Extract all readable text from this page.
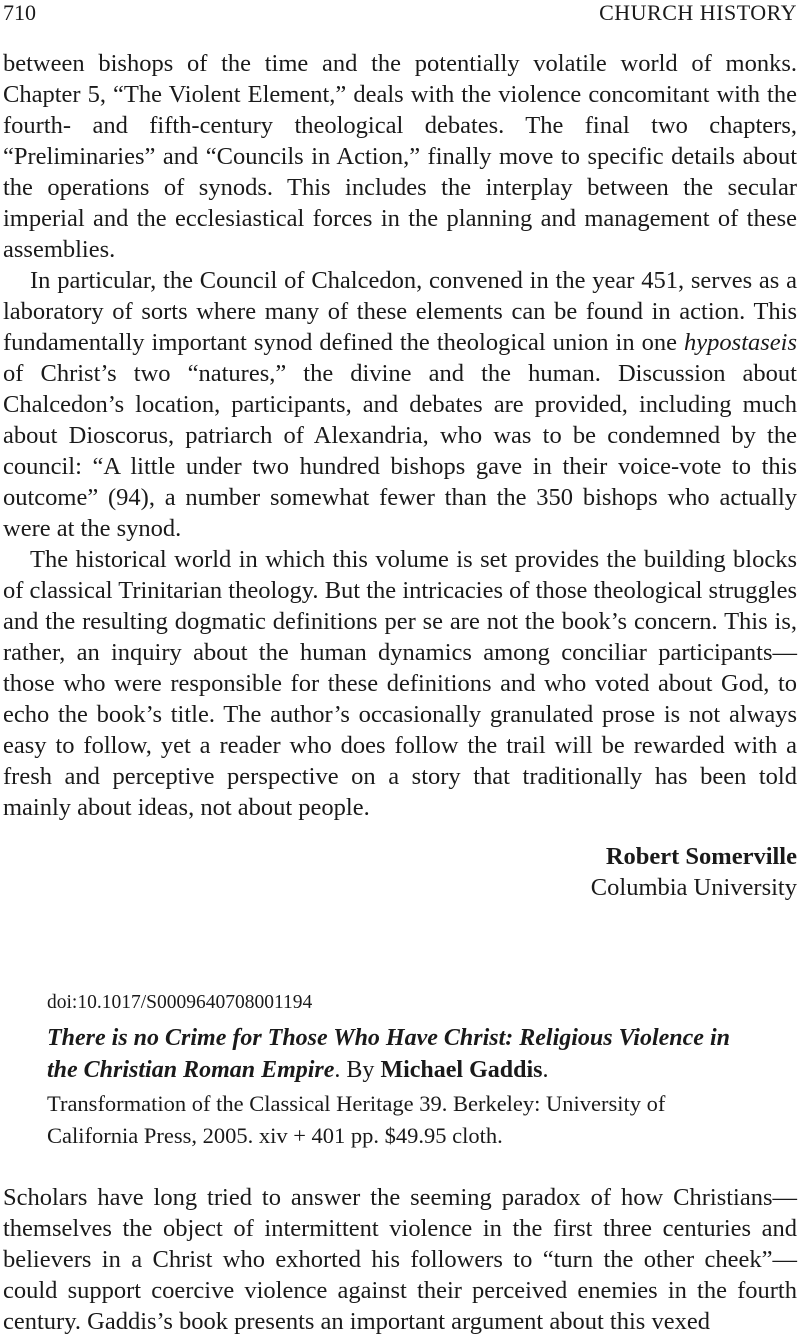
710	CHURCH HISTORY

between bishops of the time and the potentially volatile world of monks. Chapter 5, “The Violent Element,” deals with the violence concomitant with the fourth- and fifth-century theological debates. The final two chapters, “Preliminaries” and “Councils in Action,” finally move to specific details about the operations of synods. This includes the interplay between the secular imperial and the ecclesiastical forces in the planning and management of these assemblies.

In particular, the Council of Chalcedon, convened in the year 451, serves as a laboratory of sorts where many of these elements can be found in action. This fundamentally important synod defined the theological union in one hypostaseis of Christ’s two “natures,” the divine and the human. Discussion about Chalcedon’s location, participants, and debates are provided, including much about Dioscorus, patriarch of Alexandria, who was to be condemned by the council: “A little under two hundred bishops gave in their voice-vote to this outcome” (94), a number somewhat fewer than the 350 bishops who actually were at the synod.

The historical world in which this volume is set provides the building blocks of classical Trinitarian theology. But the intricacies of those theological struggles and the resulting dogmatic definitions per se are not the book’s concern. This is, rather, an inquiry about the human dynamics among conciliar participants—those who were responsible for these definitions and who voted about God, to echo the book’s title. The author’s occasionally granulated prose is not always easy to follow, yet a reader who does follow the trail will be rewarded with a fresh and perceptive perspective on a story that traditionally has been told mainly about ideas, not about people.

Robert Somerville
Columbia University
doi:10.1017/S0009640708001194
There is no Crime for Those Who Have Christ: Religious Violence in the Christian Roman Empire. By Michael Gaddis.
Transformation of the Classical Heritage 39. Berkeley: University of California Press, 2005. xiv + 401 pp. $49.95 cloth.

Scholars have long tried to answer the seeming paradox of how Christians—themselves the object of intermittent violence in the first three centuries and believers in a Christ who exhorted his followers to “turn the other cheek”—could support coercive violence against their perceived enemies in the fourth century. Gaddis’s book presents an important argument about this vexed
